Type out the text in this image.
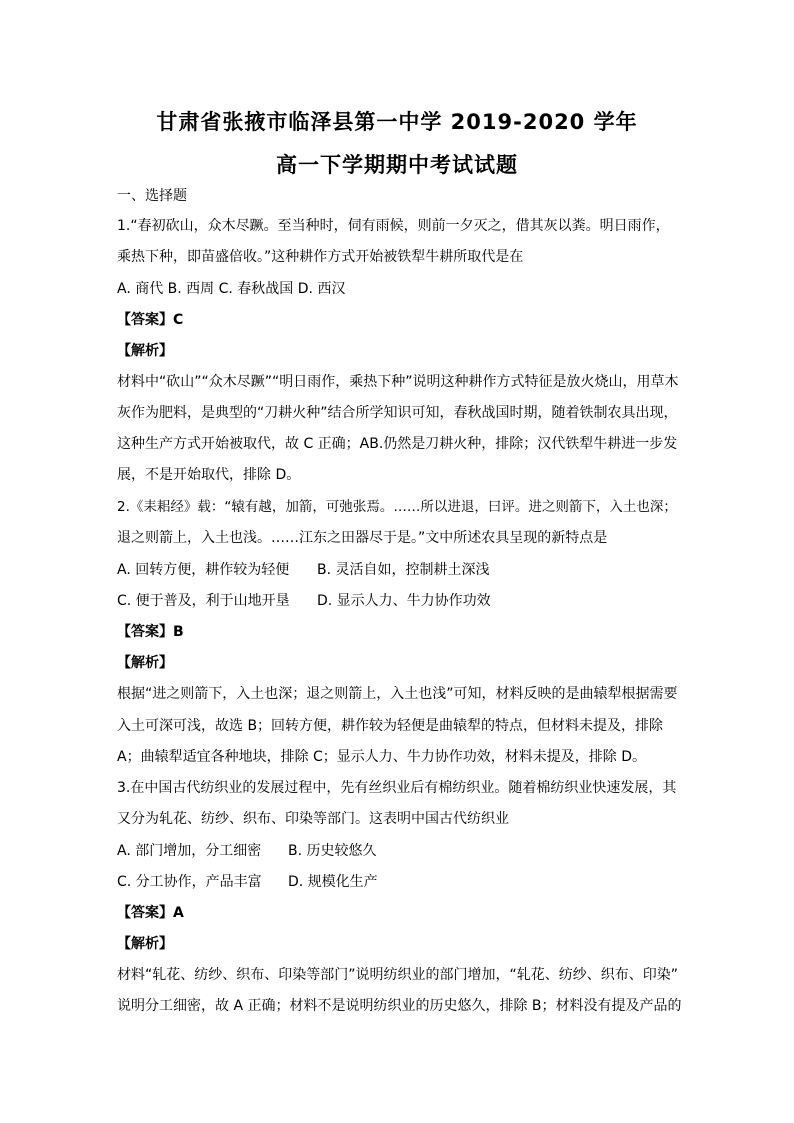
甘肃省张掖市临泽县第一中学 2019-2020 学年
高一下学期期中考试试题
一、选择题
1.“春初砍山，众木尽蹶。至当种时，伺有雨候，则前一夕灭之，借其灰以粪。明日雨作，
乘热下种，即苗盛倍收。”这种耕作方式开始被铁犁牛耕所取代是在
A. 商代 B. 西周 C. 春秋战国 D. 西汉
【答案】C
【解析】
材料中“砍山”“众木尽蹶”“明日雨作，乘热下种”说明这种耕作方式特征是放火烧山，用草木
灰作为肥料，是典型的“刀耕火种”结合所学知识可知，春秋战国时期，随着铁制农具出现，
这种生产方式开始被取代，故 C 正确；AB.仍然是刀耕火种，排除；汉代铁犁牛耕进一步发
展，不是开始取代，排除 D。
2.《耒耜经》载：“辕有越，加箭，可弛张焉。……所以进退，曰评。进之则箭下，入土也深；
退之则箭上，入土也浅。……江东之田器尽于是。”文中所述农具呈现的新特点是
A. 回转方便，耕作较为轻便 B. 灵活自如，控制耕土深浅
C. 便于普及，利于山地开垦 D. 显示人力、牛力协作功效
【答案】B
【解析】
根据“进之则箭下，入土也深；退之则箭上，入土也浅”可知，材料反映的是曲辕犁根据需要
入土可深可浅，故选 B；回转方便，耕作较为轻便是曲辕犁的特点，但材料未提及，排除
A；曲辕犁适宜各种地块，排除 C；显示人力、牛力协作功效，材料未提及，排除 D。
3.在中国古代纺织业的发展过程中，先有丝织业后有棉纺织业。随着棉纺织业快速发展，其
又分为轧花、纺纱、织布、印染等部门。这表明中国古代纺织业
A. 部门增加，分工细密 B. 历史较悠久
C. 分工协作，产品丰富 D. 规模化生产
【答案】A
【解析】
材料“轧花、纺纱、织布、印染等部门”说明纺织业的部门增加，“轧花、纺纱、织布、印染”
说明分工细密，故 A 正确；材料不是说明纺织业的历史悠久，排除 B；材料没有提及产品的
